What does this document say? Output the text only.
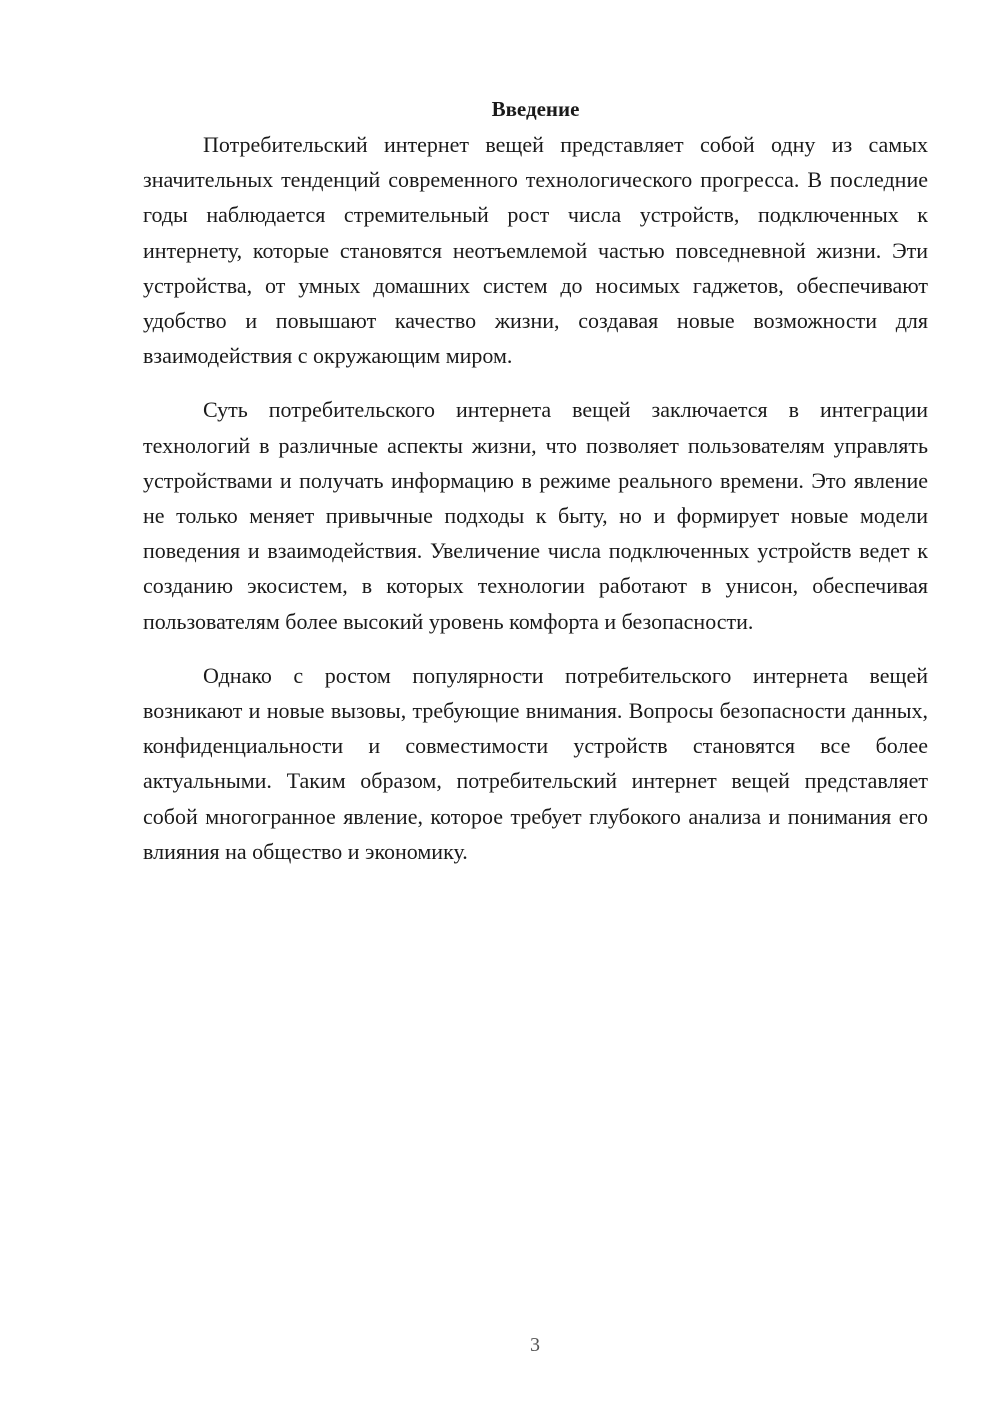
Введение

Потребительский интернет вещей представляет собой одну из самых значительных тенденций современного технологического прогресса. В последние годы наблюдается стремительный рост числа устройств, подключенных к интернету, которые становятся неотъемлемой частью повседневной жизни. Эти устройства, от умных домашних систем до носимых гаджетов, обеспечивают удобство и повышают качество жизни, создавая новые возможности для взаимодействия с окружающим миром.

Суть потребительского интернета вещей заключается в интеграции технологий в различные аспекты жизни, что позволяет пользователям управлять устройствами и получать информацию в режиме реального времени. Это явление не только меняет привычные подходы к быту, но и формирует новые модели поведения и взаимодействия. Увеличение числа подключенных устройств ведет к созданию экосистем, в которых технологии работают в унисон, обеспечивая пользователям более высокий уровень комфорта и безопасности.

Однако с ростом популярности потребительского интернета вещей возникают и новые вызовы, требующие внимания. Вопросы безопасности данных, конфиденциальности и совместимости устройств становятся все более актуальными. Таким образом, потребительский интернет вещей представляет собой многогранное явление, которое требует глубокого анализа и понимания его влияния на общество и экономику.

3
